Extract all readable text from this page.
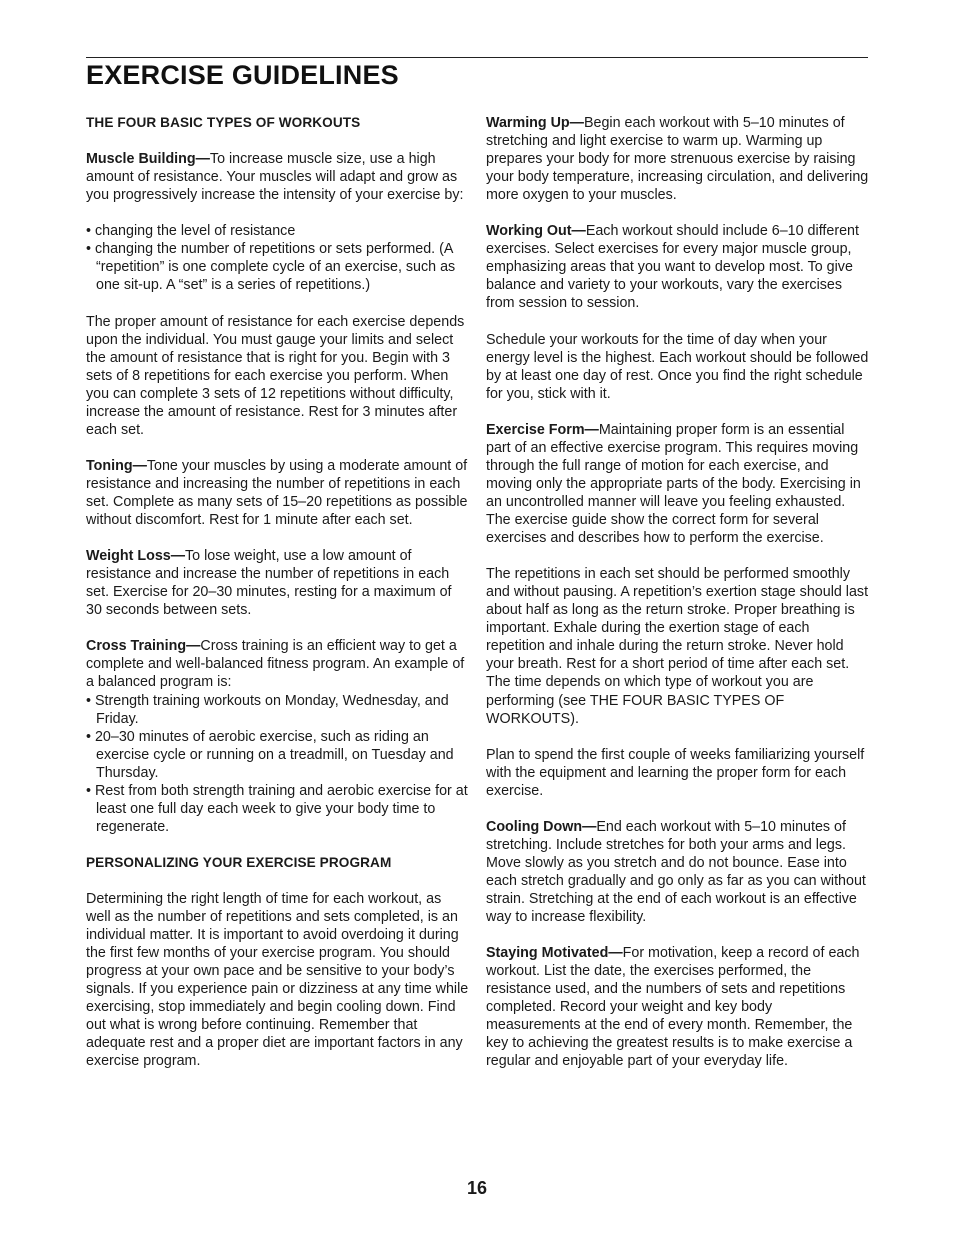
EXERCISE GUIDELINES

THE FOUR BASIC TYPES OF WORKOUTS

Muscle Building—To increase muscle size, use a high amount of resistance. Your muscles will adapt and grow as you progressively increase the intensity of your exercise by:

• changing the level of resistance
• changing the number of repetitions or sets performed. (A “repetition” is one complete cycle of an exercise, such as one sit-up. A “set” is a series of repetitions.)

The proper amount of resistance for each exercise depends upon the individual. You must gauge your limits and select the amount of resistance that is right for you. Begin with 3 sets of 8 repetitions for each exercise you perform. When you can complete 3 sets of 12 repetitions without difficulty, increase the amount of resistance. Rest for 3 minutes after each set.

Toning—Tone your muscles by using a moderate amount of resistance and increasing the number of repetitions in each set. Complete as many sets of 15–20 repetitions as possible without discomfort. Rest for 1 minute after each set.

Weight Loss—To lose weight, use a low amount of resistance and increase the number of repetitions in each set. Exercise for 20–30 minutes, resting for a maximum of 30 seconds between sets.

Cross Training—Cross training is an efficient way to get a complete and well-balanced fitness program. An example of a balanced program is:

• Strength training workouts on Monday, Wednesday, and Friday.
• 20–30 minutes of aerobic exercise, such as riding an exercise cycle or running on a treadmill, on Tuesday and Thursday.
• Rest from both strength training and aerobic exercise for at least one full day each week to give your body time to regenerate.

PERSONALIZING YOUR EXERCISE PROGRAM

Determining the right length of time for each workout, as well as the number of repetitions and sets completed, is an individual matter. It is important to avoid overdoing it during the first few months of your exercise program. You should progress at your own pace and be sensitive to your body’s signals. If you experience pain or dizziness at any time while exercising, stop immediately and begin cooling down. Find out what is wrong before continuing. Remember that adequate rest and a proper diet are important factors in any exercise program.

Warming Up—Begin each workout with 5–10 minutes of stretching and light exercise to warm up. Warming up prepares your body for more strenuous exercise by raising your body temperature, increasing circulation, and delivering more oxygen to your muscles.

Working Out—Each workout should include 6–10 different exercises. Select exercises for every major muscle group, emphasizing areas that you want to develop most. To give balance and variety to your workouts, vary the exercises from session to session.

Schedule your workouts for the time of day when your energy level is the highest. Each workout should be followed by at least one day of rest. Once you find the right schedule for you, stick with it.

Exercise Form—Maintaining proper form is an essential part of an effective exercise program. This requires moving through the full range of motion for each exercise, and moving only the appropriate parts of the body. Exercising in an uncontrolled manner will leave you feeling exhausted. The exercise guide show the correct form for several exercises and describes how to perform the exercise.

The repetitions in each set should be performed smoothly and without pausing. A repetition’s exertion stage should last about half as long as the return stroke. Proper breathing is important. Exhale during the exertion stage of each repetition and inhale during the return stroke. Never hold your breath. Rest for a short period of time after each set. The time depends on which type of workout you are performing (see THE FOUR BASIC TYPES OF WORKOUTS).

Plan to spend the first couple of weeks familiarizing yourself with the equipment and learning the proper form for each exercise.

Cooling Down—End each workout with 5–10 minutes of stretching. Include stretches for both your arms and legs. Move slowly as you stretch and do not bounce. Ease into each stretch gradually and go only as far as you can without strain. Stretching at the end of each workout is an effective way to increase flexibility.

Staying Motivated—For motivation, keep a record of each workout. List the date, the exercises performed, the resistance used, and the numbers of sets and repetitions completed. Record your weight and key body measurements at the end of every month. Remember, the key to achieving the greatest results is to make exercise a regular and enjoyable part of your everyday life.

16
